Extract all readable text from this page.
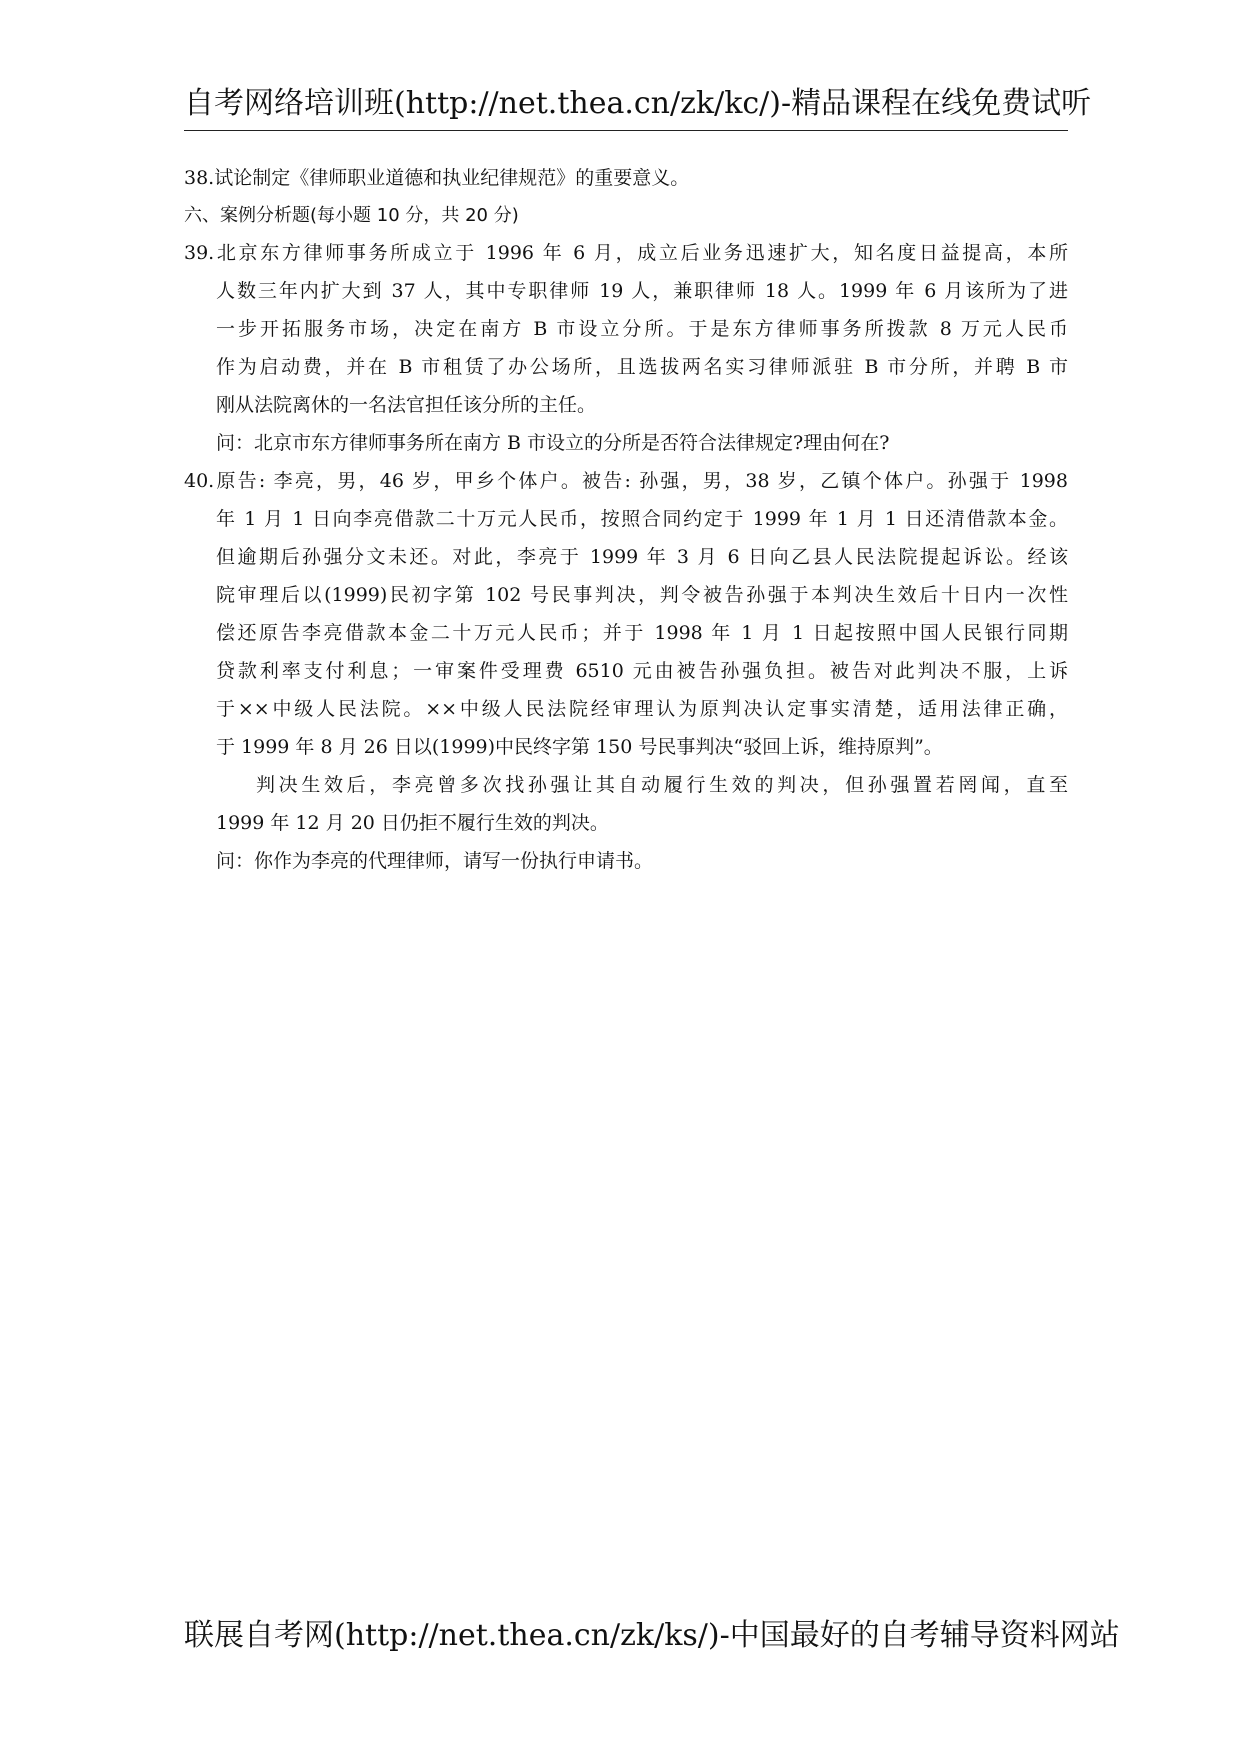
自考网络培训班(http://net.thea.cn/zk/kc/)-精品课程在线免费试听
38.试论制定《律师职业道德和执业纪律规范》的重要意义。
六、案例分析题(每小题 10 分，共 20 分)
39.北京东方律师事务所成立于 1996 年 6 月，成立后业务迅速扩大，知名度日益提高，本所
人数三年内扩大到 37 人，其中专职律师 19 人，兼职律师 18 人。1999 年 6 月该所为了进
一步开拓服务市场，决定在南方 B 市设立分所。于是东方律师事务所拨款 8 万元人民币
作为启动费，并在 B 市租赁了办公场所，且选拔两名实习律师派驻 B 市分所，并聘 B 市
刚从法院离休的一名法官担任该分所的主任。
问：北京市东方律师事务所在南方 B 市设立的分所是否符合法律规定?理由何在?
40.原告: 李亮，男，46 岁，甲乡个体户。被告: 孙强，男，38 岁，乙镇个体户。孙强于 1998
年 1 月 1 日向李亮借款二十万元人民币，按照合同约定于 1999 年 1 月 1 日还清借款本金。
但逾期后孙强分文未还。对此，李亮于 1999 年 3 月 6 日向乙县人民法院提起诉讼。经该
院审理后以(1999)民初字第 102 号民事判决，判令被告孙强于本判决生效后十日内一次性
偿还原告李亮借款本金二十万元人民币；并于 1998 年 1 月 1 日起按照中国人民银行同期
贷款利率支付利息；一审案件受理费 6510 元由被告孙强负担。被告对此判决不服，上诉
于××中级人民法院。××中级人民法院经审理认为原判决认定事实清楚，适用法律正确，
于 1999 年 8 月 26 日以(1999)中民终字第 150 号民事判决“驳回上诉，维持原判”。
判决生效后，李亮曾多次找孙强让其自动履行生效的判决，但孙强置若罔闻，直至
1999 年 12 月 20 日仍拒不履行生效的判决。
问：你作为李亮的代理律师，请写一份执行申请书。
联展自考网(http://net.thea.cn/zk/ks/)-中国最好的自考辅导资料网站
